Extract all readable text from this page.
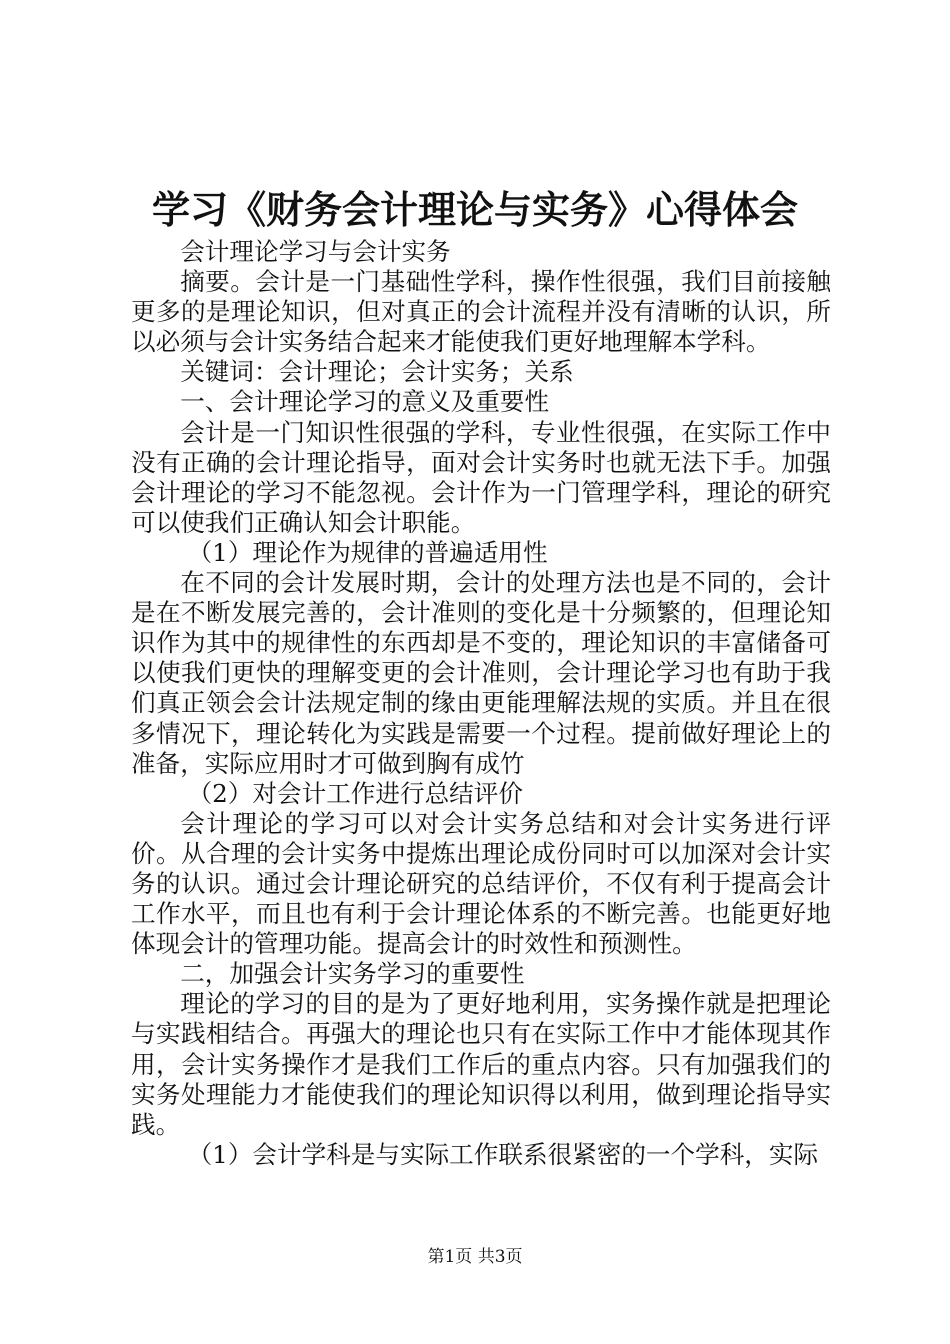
学习《财务会计理论与实务》心得体会

会计理论学习与会计实务

摘要。会计是一门基础性学科，操作性很强，我们目前接触更多的是理论知识，但对真正的会计流程并没有清晰的认识，所以必须与会计实务结合起来才能使我们更好地理解本学科。

关键词：会计理论；会计实务；关系

一、会计理论学习的意义及重要性

会计是一门知识性很强的学科，专业性很强，在实际工作中没有正确的会计理论指导，面对会计实务时也就无法下手。加强会计理论的学习不能忽视。会计作为一门管理学科，理论的研究可以使我们正确认知会计职能。

（1）理论作为规律的普遍适用性

在不同的会计发展时期，会计的处理方法也是不同的，会计是在不断发展完善的，会计准则的变化是十分频繁的，但理论知识作为其中的规律性的东西却是不变的，理论知识的丰富储备可以使我们更快的理解变更的会计准则，会计理论学习也有助于我们真正领会会计法规定制的缘由更能理解法规的实质。并且在很多情况下，理论转化为实践是需要一个过程。提前做好理论上的准备，实际应用时才可做到胸有成竹

（2）对会计工作进行总结评价

会计理论的学习可以对会计实务总结和对会计实务进行评价。从合理的会计实务中提炼出理论成份同时可以加深对会计实务的认识。通过会计理论研究的总结评价，不仅有利于提高会计工作水平，而且也有利于会计理论体系的不断完善。也能更好地体现会计的管理功能。提高会计的时效性和预测性。

二，加强会计实务学习的重要性

理论的学习的目的是为了更好地利用，实务操作就是把理论与实践相结合。再强大的理论也只有在实际工作中才能体现其作用，会计实务操作才是我们工作后的重点内容。只有加强我们的实务处理能力才能使我们的理论知识得以利用，做到理论指导实践。

（1）会计学科是与实际工作联系很紧密的一个学科，实际

第1页 共3页
